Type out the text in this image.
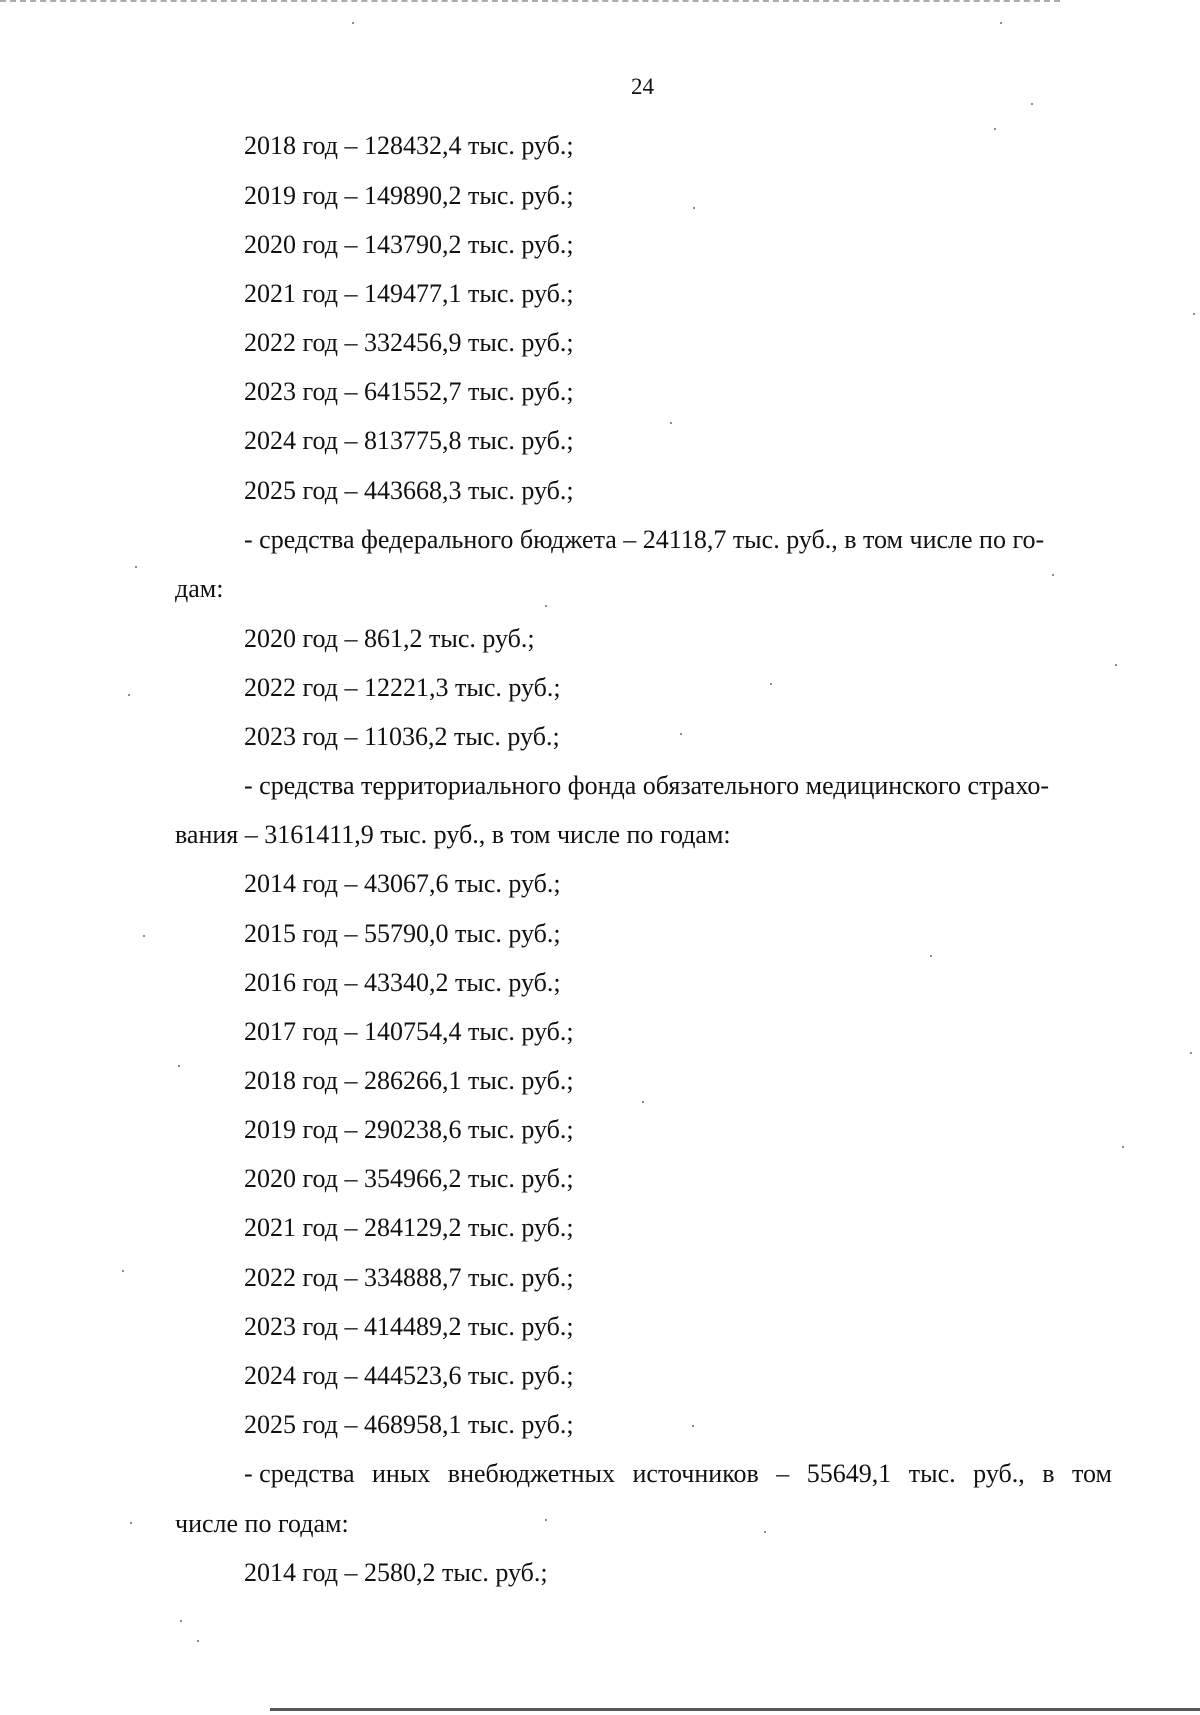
24
2018 год – 128432,4 тыс. руб.;
2019 год – 149890,2 тыс. руб.;
2020 год – 143790,2 тыс. руб.;
2021 год – 149477,1 тыс. руб.;
2022 год – 332456,9 тыс. руб.;
2023 год – 641552,7 тыс. руб.;
2024 год – 813775,8 тыс. руб.;
2025 год – 443668,3 тыс. руб.;
- средства федерального бюджета – 24118,7 тыс. руб., в том числе по го-
дам:
2020 год – 861,2 тыс. руб.;
2022 год – 12221,3 тыс. руб.;
2023 год – 11036,2 тыс. руб.;
- средства территориального фонда обязательного медицинского страхо-
вания – 3161411,9 тыс. руб., в том числе по годам:
2014 год – 43067,6 тыс. руб.;
2015 год – 55790,0 тыс. руб.;
2016 год – 43340,2 тыс. руб.;
2017 год – 140754,4 тыс. руб.;
2018 год – 286266,1 тыс. руб.;
2019 год – 290238,6 тыс. руб.;
2020 год – 354966,2 тыс. руб.;
2021 год – 284129,2 тыс. руб.;
2022 год – 334888,7 тыс. руб.;
2023 год – 414489,2 тыс. руб.;
2024 год – 444523,6 тыс. руб.;
2025 год – 468958,1 тыс. руб.;
- средства иных внебюджетных источников – 55649,1 тыс. руб., в том
числе по годам:
2014 год – 2580,2 тыс. руб.;
